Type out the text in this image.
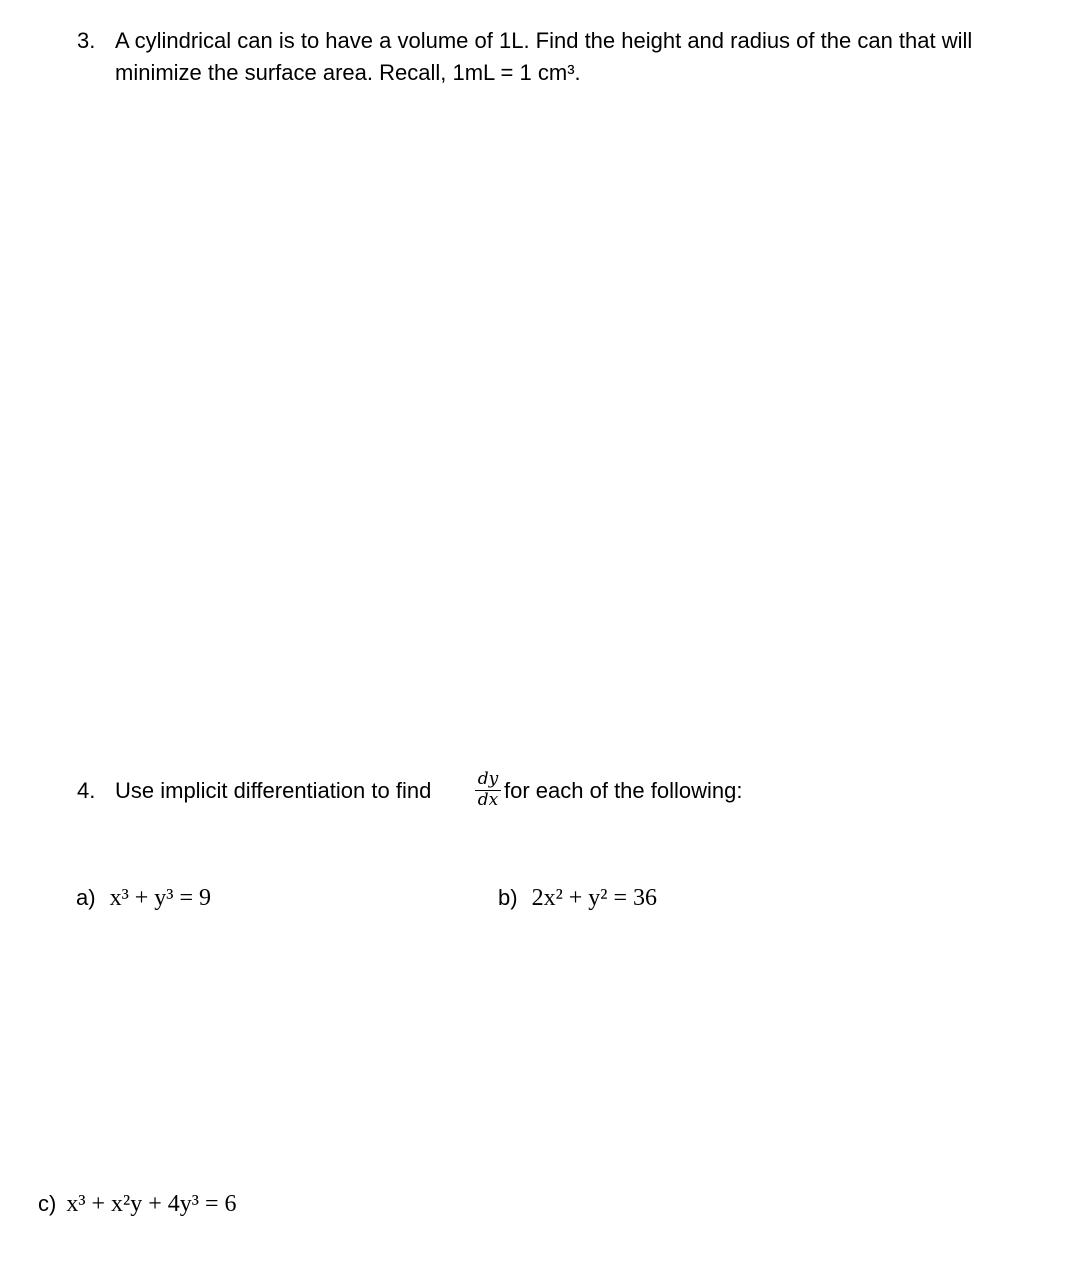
3. A cylindrical can is to have a volume of 1L. Find the height and radius of the can that will
minimize the surface area. Recall, 1mL = 1 cm³.
4. Use implicit differentiation to find	$\frac{dy}{dx}$ for each of the following:
a) x³ + y³ = 9	b) 2x² + y² = 36
c) x³ + x²y + 4y³ = 6
